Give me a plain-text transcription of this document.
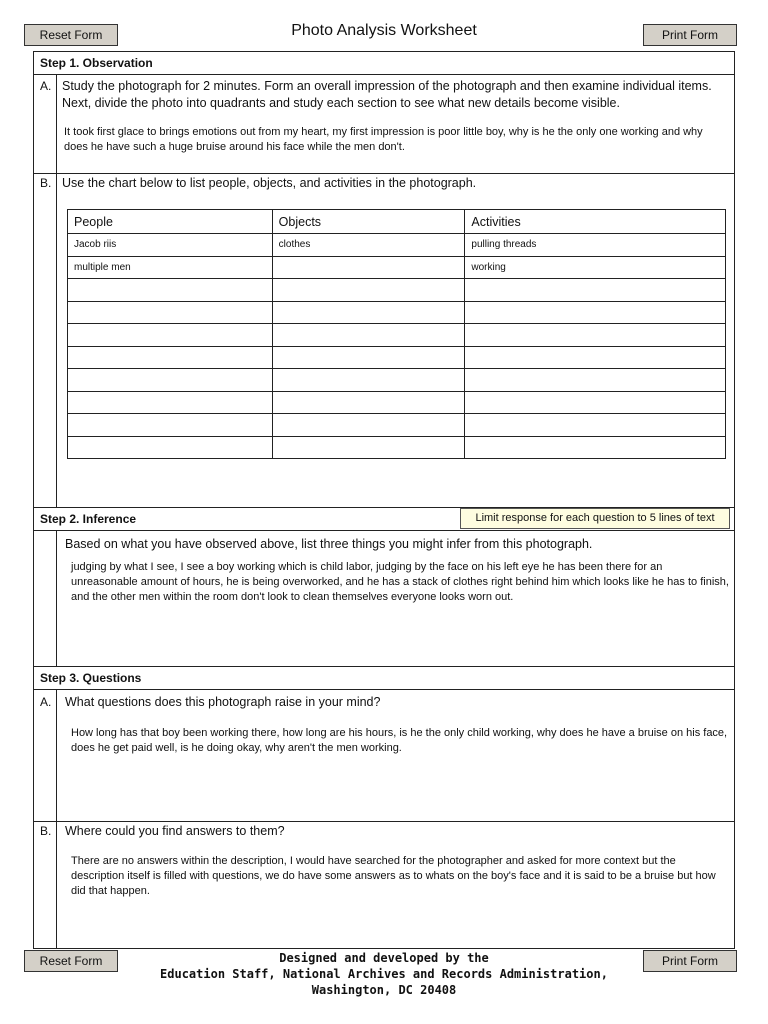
Reset Form	Photo Analysis Worksheet	Print Form
Step 1. Observation
A. Study the photograph for 2 minutes. Form an overall impression of the photograph and then examine individual items. Next, divide the photo into quadrants and study each section to see what new details become visible.
It took first glace to brings emotions out from my heart, my first impression is poor little boy, why is he the only one working and why does he have such a huge bruise around his face while the men don't.
B. Use the chart below to list people, objects, and activities in the photograph.
People	Objects	Activities
Jacob riis	clothes	pulling threads
multiple men		working

Step 2. Inference	Limit response for each question to 5 lines of text
Based on what you have observed above, list three things you might infer from this photograph.
judging by what I see, I see a boy working which is child labor, judging by the face on his left eye he has been there for an unreasonable amount of hours, he is being overworked, and he has a stack of clothes right behind him which looks like he has to finish, and the other men within the room don't look to clean themselves everyone looks worn out.
Step 3. Questions
A. What questions does this photograph raise in your mind?
How long has that boy been working there, how long are his hours, is he the only child working, why does he have a bruise on his face, does he get paid well, is he doing okay, why aren't the men working.
B. Where could you find answers to them?
There are no answers within the description, I would have searched for the photographer and asked for more context but the description itself is filled with questions, we do have some answers as to whats on the boy's face and it is said to be a bruise but how did that happen.
Reset Form	Designed and developed by the
Education Staff, National Archives and Records Administration,
Washington, DC 20408
Print Form
